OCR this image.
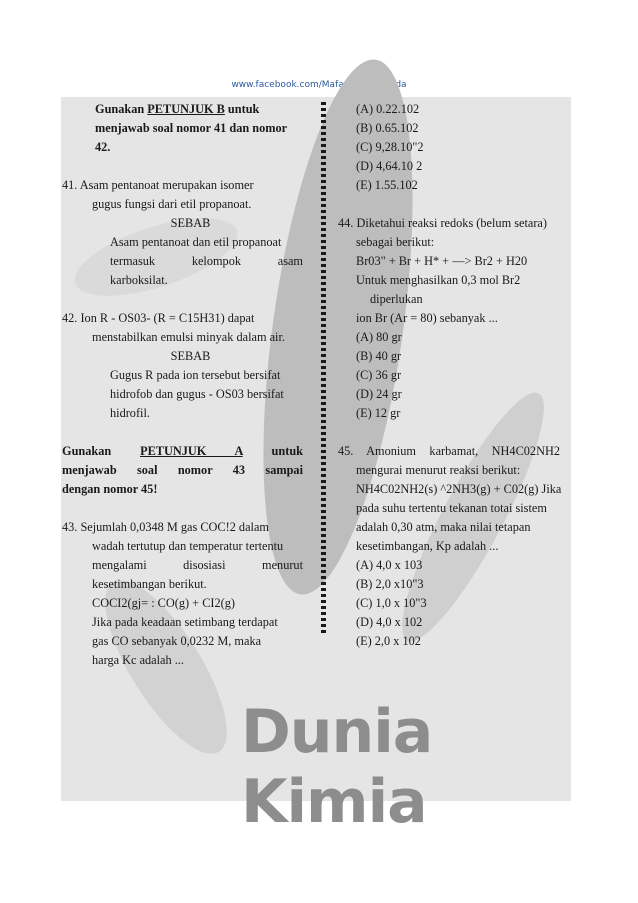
www.facebook.com/Mafaza.SolusiAnda
Dunia Kimia
Gunakan PETUNJUK B untuk
menjawab soal nomor 41 dan nomor
42.
41. Asam pentanoat merupakan isomer
gugus fungsi dari etil propanoat.
SEBAB
Asam pentanoat dan etil propanoat
termasuk kelompok asam
karboksilat.
42. Ion R - OS03- (R = C15H31) dapat
menstabilkan emulsi minyak dalam air.
SEBAB
Gugus R pada ion tersebut bersifat
hidrofob dan gugus - OS03 bersifat
hidrofil.
Gunakan PETUNJUK A untuk
menjawab soal nomor 43 sampai
dengan nomor 45!
43. Sejumlah 0,0348 M gas COC!2 dalam
wadah tertutup dan temperatur tertentu
mengalami disosiasi menurut
kesetimbangan berikut.
COCI2(gj= : CO(g) + CI2(g)
Jika pada keadaan setimbang terdapat
gas CO sebanyak 0,0232 M, maka
harga Kc adalah ...
(A) 0.22.102
(B) 0.65.102
(C) 9,28.10"2
(D) 4,64.10 2
(E) 1.55.102
44. Diketahui reaksi redoks (belum setara)
sebagai berikut:
Br03" + Br + H* + —> Br2 + H20
Untuk menghasilkan 0,3 mol Br2
diperlukan
ion Br (Ar = 80) sebanyak ...
(A) 80 gr
(B) 40 gr
(C) 36 gr
(D) 24 gr
(E) 12 gr
45. Amonium karbamat, NH4C02NH2
mengurai menurut reaksi berikut:
NH4C02NH2(s) ^2NH3(g) + C02(g) Jika
pada suhu tertentu tekanan totai sistem
adalah 0,30 atm, maka nilai tetapan
kesetimbangan, Kp adalah ...
(A) 4,0 x 103
(B) 2,0 x10"3
(C) 1,0 x 10"3
(D) 4,0 x 102
(E) 2,0 x 102
